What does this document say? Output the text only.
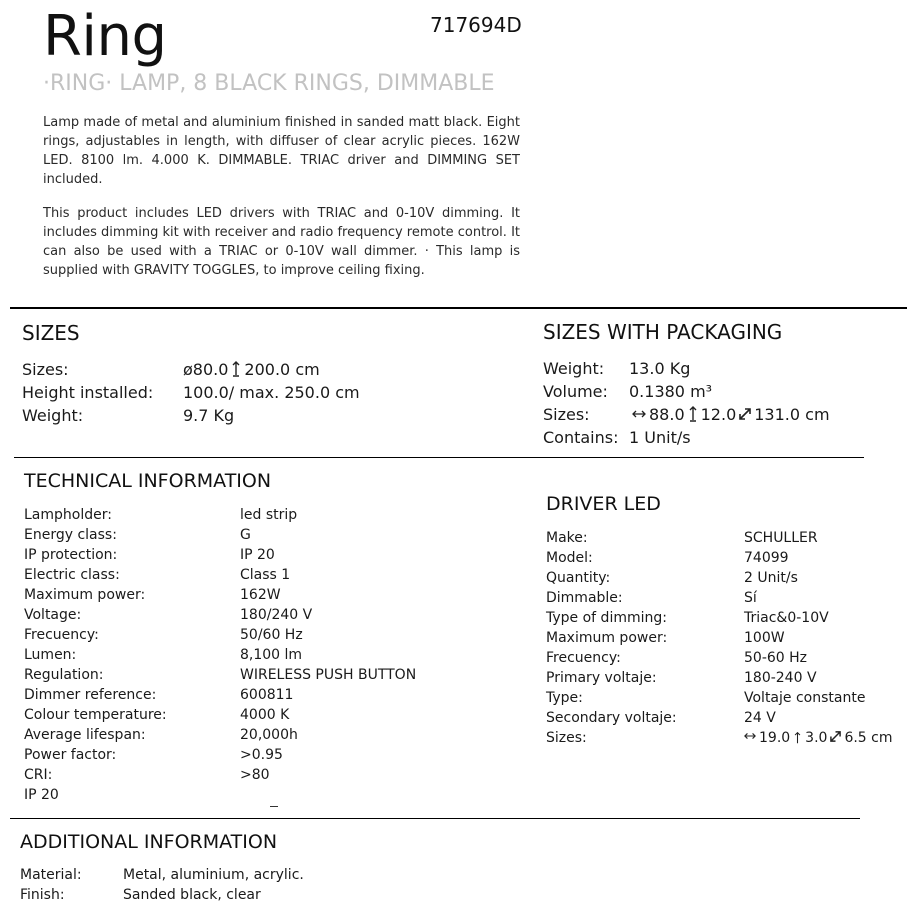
Ring	717694D
·RING· LAMP, 8 BLACK RINGS, DIMMABLE
Lamp made of metal and aluminium finished in sanded matt black. Eight rings, adjustables in length, with diffuser of clear acrylic pieces. 162W LED. 8100 lm. 4.000 K. DIMMABLE. TRIAC driver and DIMMING SET included.
This product includes LED drivers with TRIAC and 0-10V dimming. It includes dimming kit with receiver and radio frequency remote control. It can also be used with a TRIAC or 0-10V wall dimmer. · This lamp is supplied with GRAVITY TOGGLES, to improve ceiling fixing.
SIZES
Sizes:	ø80.0 200.0 cm
Height installed: 100.0/ max. 250.0 cm
Weight:	9.7 Kg
SIZES WITH PACKAGING
Weight: 13.0 Kg
Volume: 0.1380 m³
Sizes:	88.0 12.0 131.0 cm
Contains: 1 Unit/s
TECHNICAL INFORMATION
Lampholder:	led strip
Energy class:	G
IP protection:	IP 20
Electric class:	Class 1
Maximum power:	162W
Voltage:	180/240 V
Frecuency:	50/60 Hz
Lumen:	8,100 lm
Regulation:	WIRELESS PUSH BUTTON
Dimmer reference:	600811
Colour temperature:	4000 K
Average lifespan:	20,000h
Power factor:	>0.95
CRI:	>80
IP 20
DRIVER LED
Make:	SCHULLER
Model:	74099
Quantity:	2 Unit/s
Dimmable:	Sí
Type of dimming:	Triac&0-10V
Maximum power:	100W
Frecuency:	50-60 Hz
Primary voltaje:	180-240 V
Type:	Voltaje constante
Secondary voltaje:	24 V
Sizes:	19.0 3.0 6.5 cm
ADDITIONAL INFORMATION
Material:	Metal, aluminium, acrylic.
Finish:	Sanded black, clear
